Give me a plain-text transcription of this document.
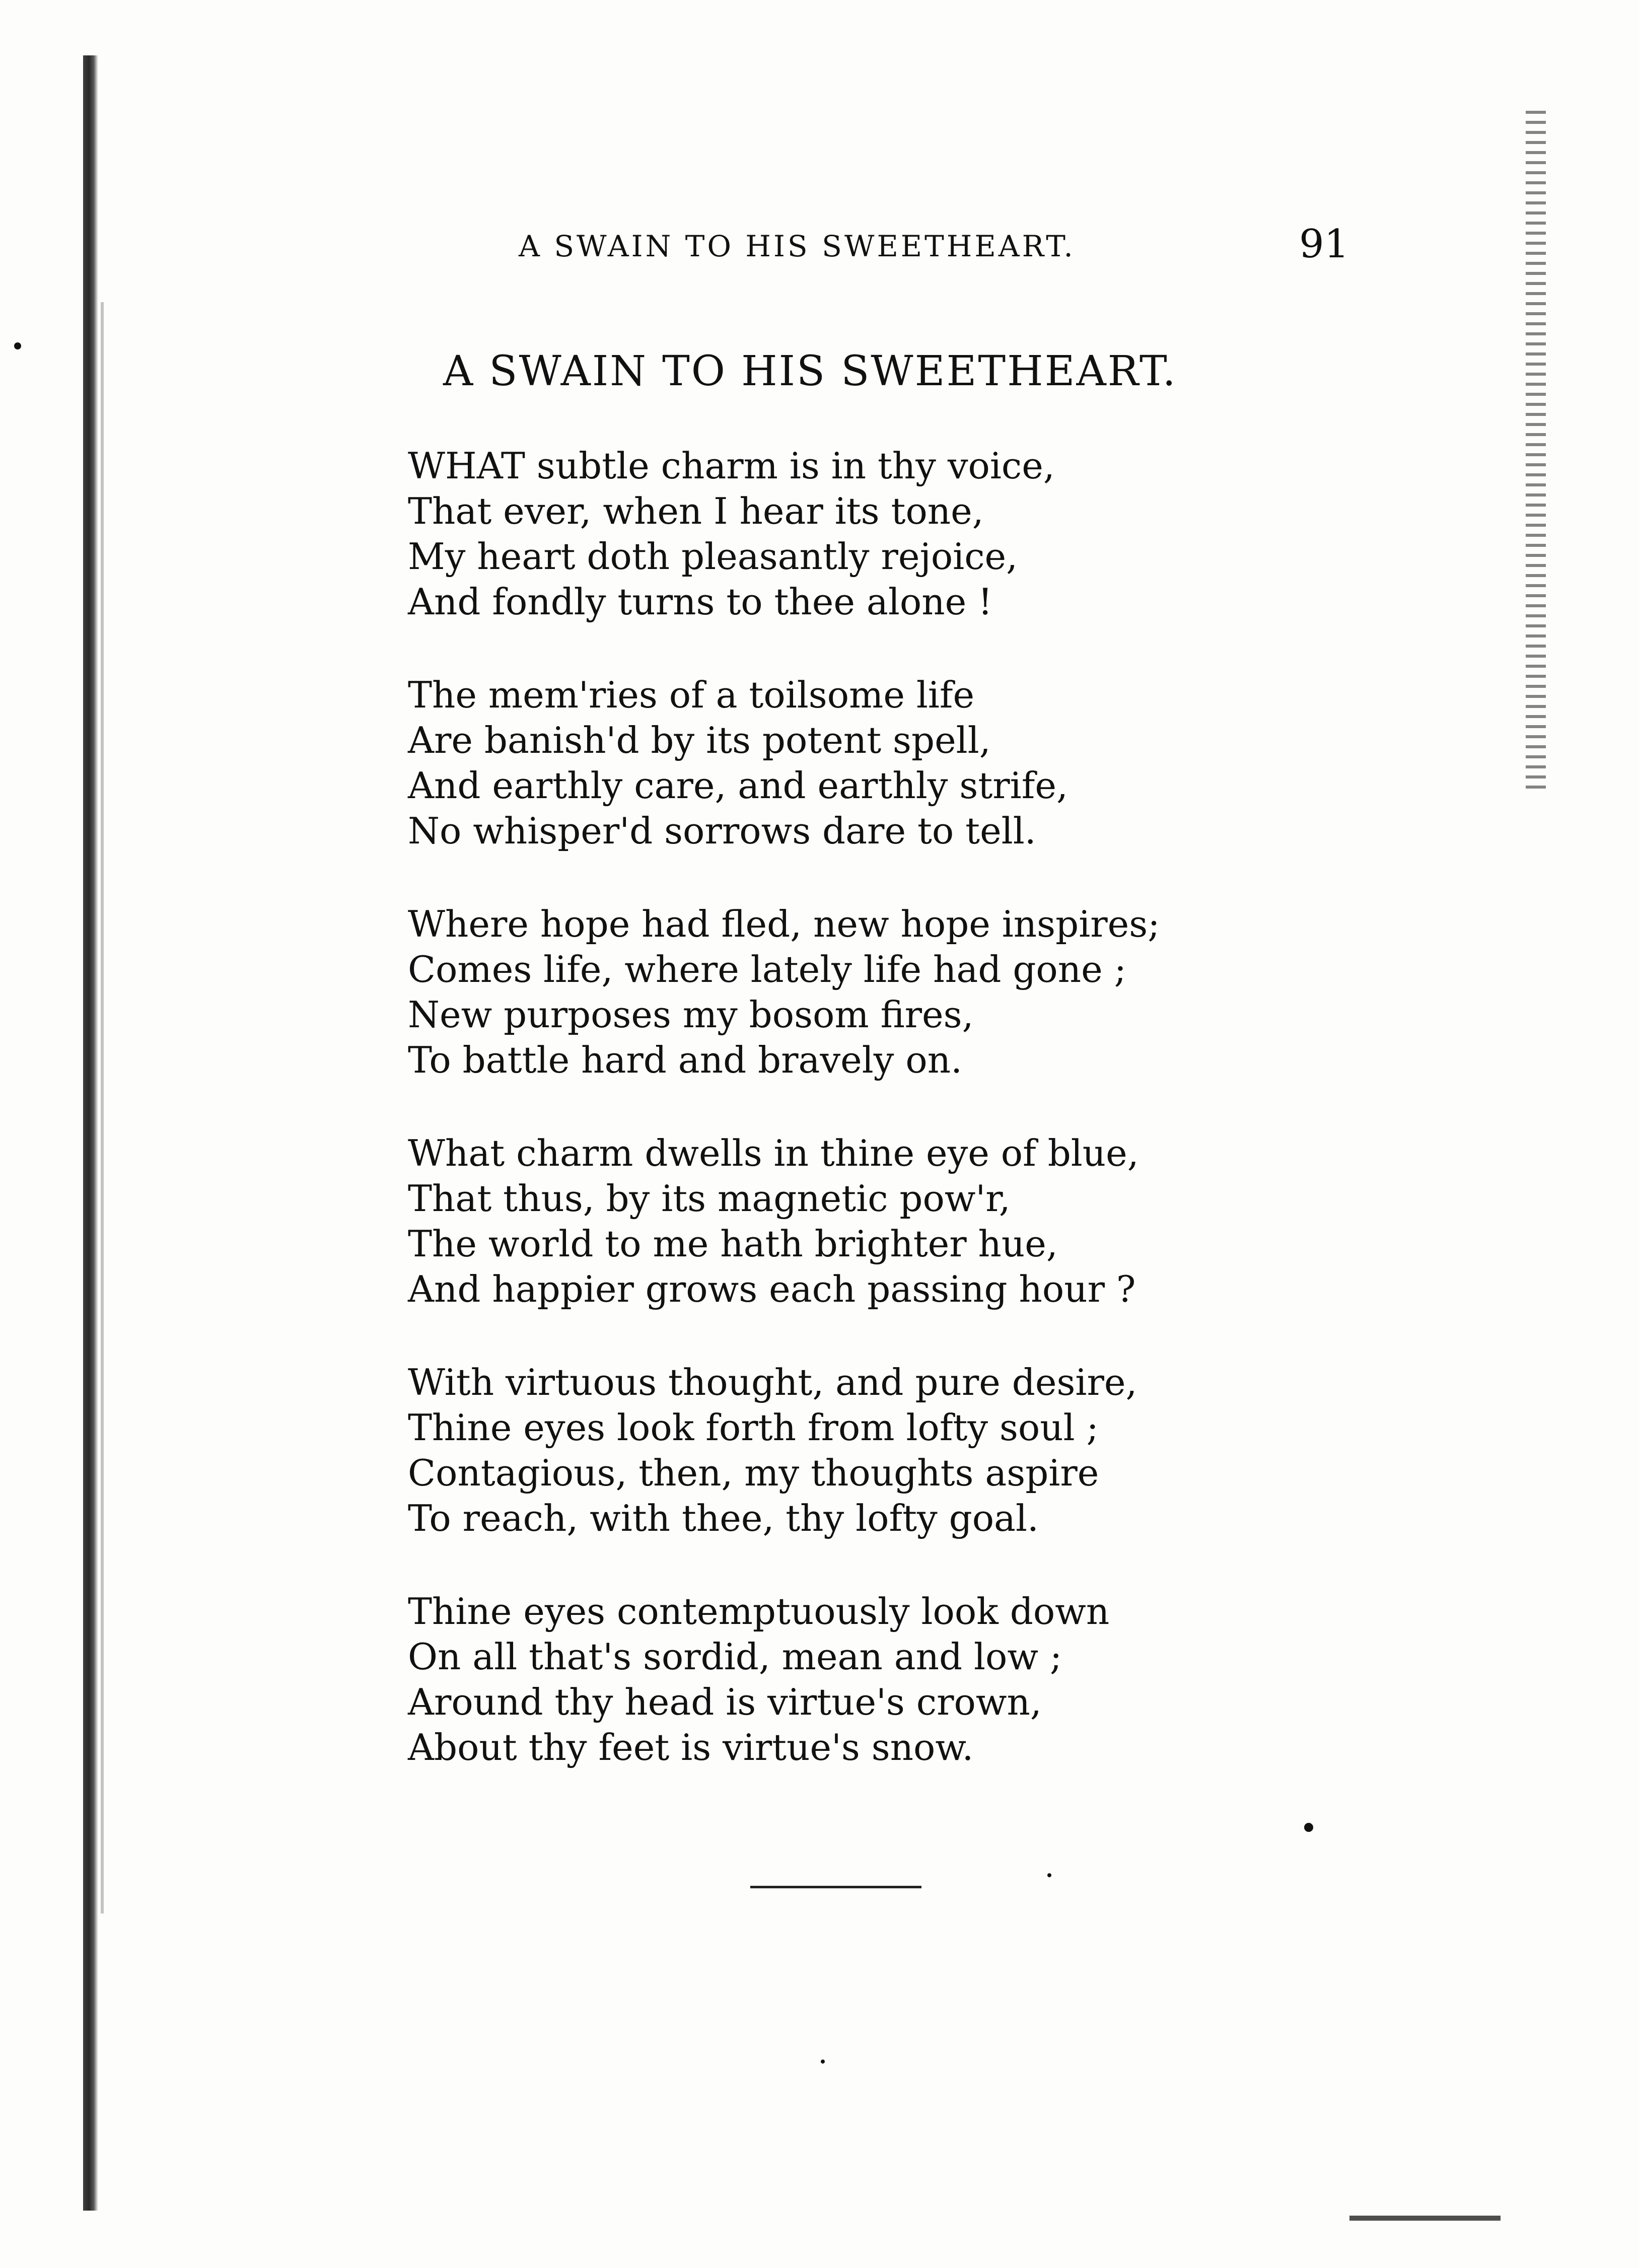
A SWAIN TO HIS SWEETHEART.	91
A SWAIN TO HIS SWEETHEART.
WHAT subtle charm is in thy voice,
That ever, when I hear its tone,
My heart doth pleasantly rejoice,
And fondly turns to thee alone !
The mem'ries of a toilsome life
Are banish'd by its potent spell,
And earthly care, and earthly strife,
No whisper'd sorrows dare to tell.
Where hope had fled, new hope inspires;
Comes life, where lately life had gone ;
New purposes my bosom fires,
To battle hard and bravely on.
What charm dwells in thine eye of blue,
That thus, by its magnetic pow'r,
The world to me hath brighter hue,
And happier grows each passing hour ?
With virtuous thought, and pure desire,
Thine eyes look forth from lofty soul ;
Contagious, then, my thoughts aspire
To reach, with thee, thy lofty goal.
Thine eyes contemptuously look down
On all that's sordid, mean and low ;
Around thy head is virtue's crown,
About thy feet is virtue's snow.
